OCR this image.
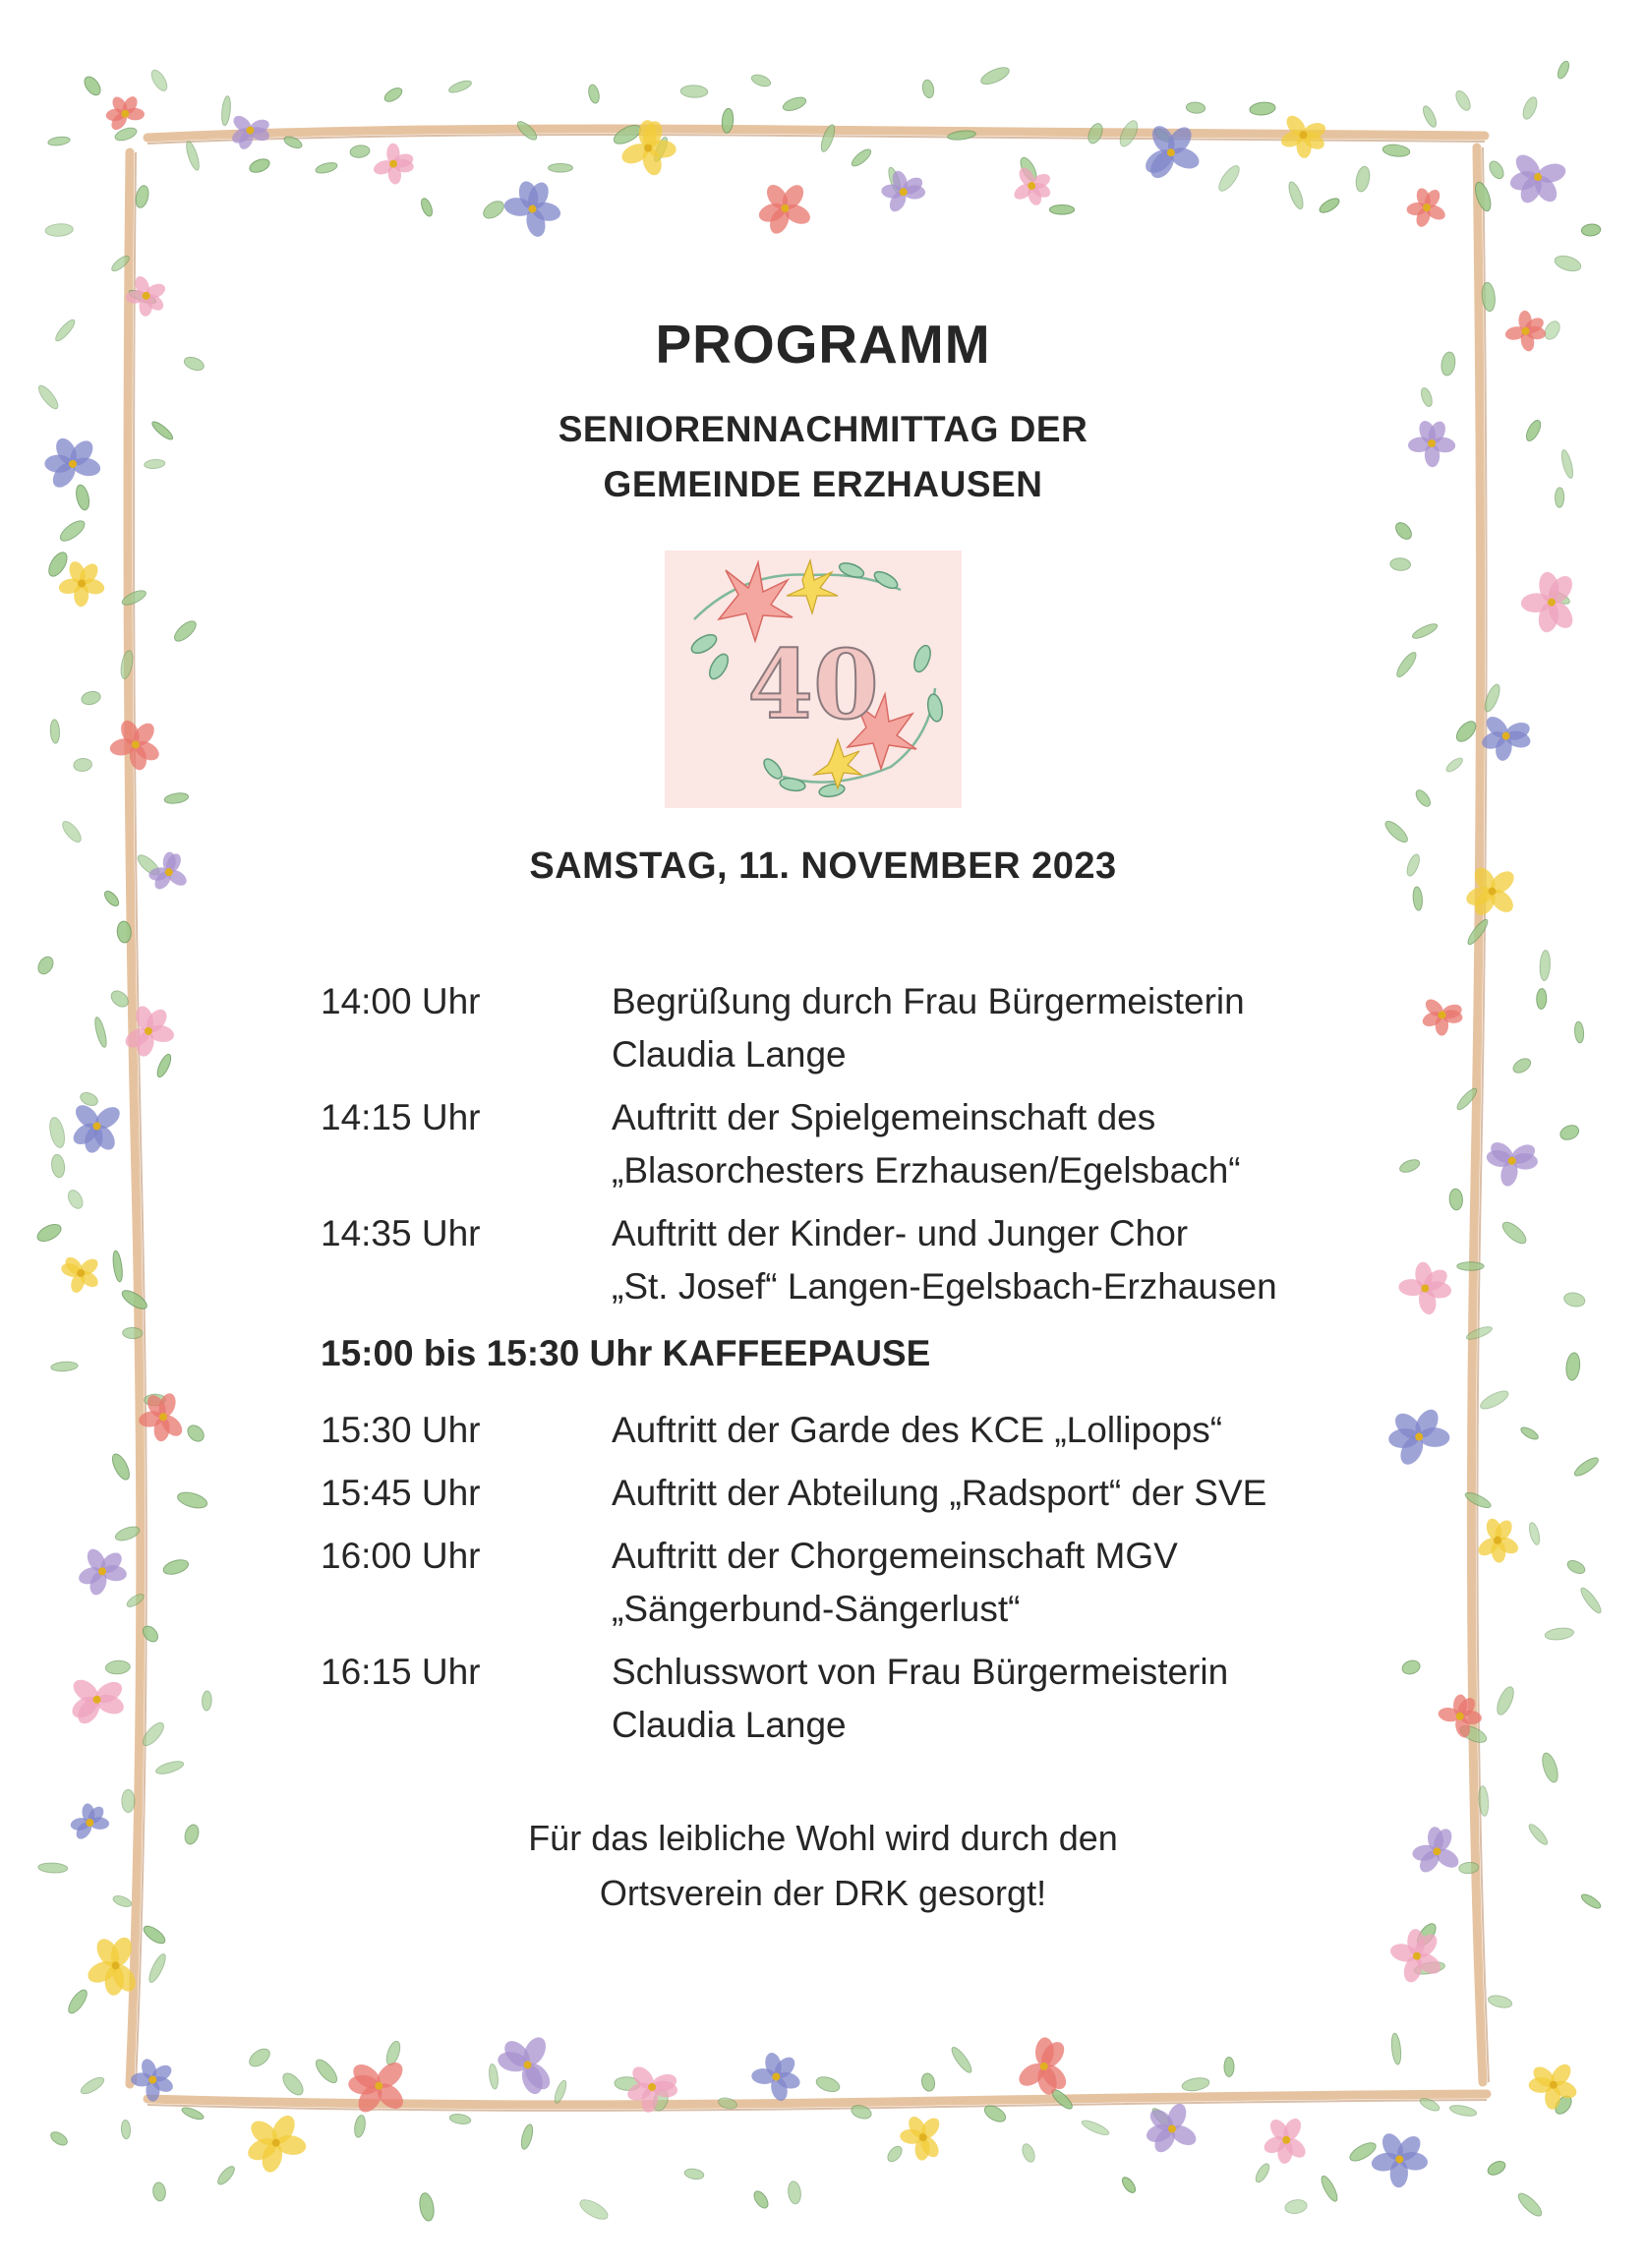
PROGRAMM
SENIORENNACHMITTAG DER
GEMEINDE ERZHAUSEN
40
SAMSTAG, 11. NOVEMBER 2023
14:00 Uhr	Begrüßung durch Frau Bürgermeisterin
Claudia Lange
14:15 Uhr	Auftritt der Spielgemeinschaft des
„Blasorchesters Erzhausen/Egelsbach“
14:35 Uhr	Auftritt der Kinder- und Junger Chor
„St. Josef“ Langen-Egelsbach-Erzhausen
15:00 bis 15:30 Uhr KAFFEEPAUSE
15:30 Uhr	Auftritt der Garde des KCE „Lollipops“
15:45 Uhr	Auftritt der Abteilung „Radsport“ der SVE
16:00 Uhr	Auftritt der Chorgemeinschaft MGV
„Sängerbund-Sängerlust“
16:15 Uhr	Schlusswort von Frau Bürgermeisterin
Claudia Lange
Für das leibliche Wohl wird durch den
Ortsverein der DRK gesorgt!
